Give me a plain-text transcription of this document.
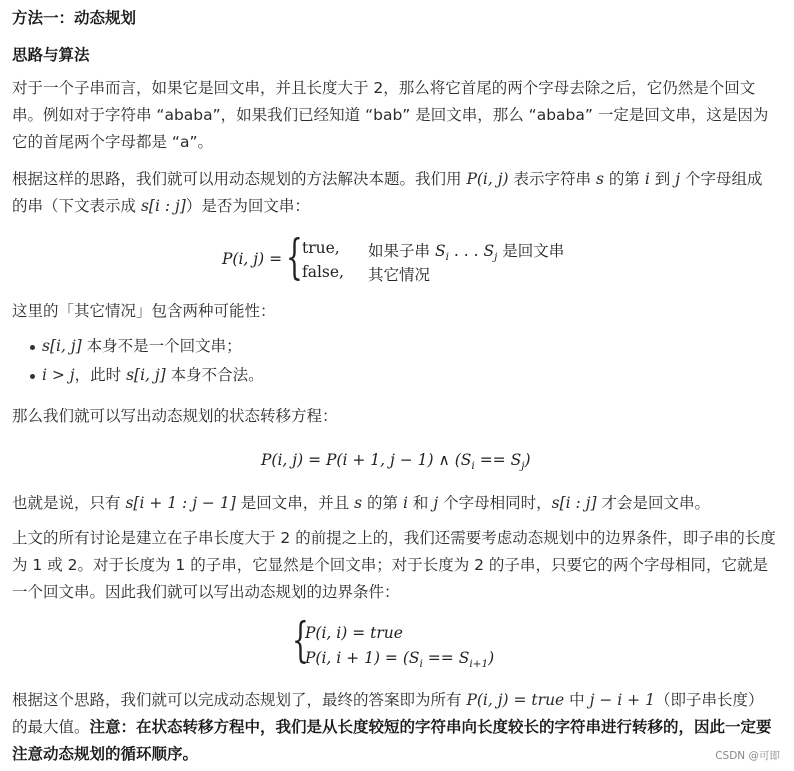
方法一：动态规划
思路与算法
对于一个子串而言，如果它是回文串，并且长度大于 2，那么将它首尾的两个字母去除之后，它仍然是个回文串。例如对于字符串 “ababa”，如果我们已经知道 “bab” 是回文串，那么 “ababa” 一定是回文串，这是因为它的首尾两个字母都是 “a”。
根据这样的思路，我们就可以用动态规划的方法解决本题。我们用 P(i, j) 表示字符串 s 的第 i 到 j 个字母组成的串（下文表示成 s[i : j]）是否为回文串：
P(i, j) = { true, 如果子串 $S_i$ . . . $S_j$ 是回文串
false, 其它情况
这里的「其它情况」包含两种可能性：
s[i, j] 本身不是一个回文串；
i > j，此时 s[i, j] 本身不合法。
那么我们就可以写出动态规划的状态转移方程：
P(i, j) = P(i + 1, j − 1) ∧ $(S_i == S_j)$
也就是说，只有 s[i + 1 : j − 1] 是回文串，并且 s 的第 i 和 j 个字母相同时，s[i : j] 才会是回文串。
上文的所有讨论是建立在子串长度大于 2 的前提之上的，我们还需要考虑动态规划中的边界条件，即子串的长度为 1 或 2。对于长度为 1 的子串，它显然是个回文串；对于长度为 2 的子串，只要它的两个字母相同，它就是一个回文串。因此我们就可以写出动态规划的边界条件：
{
P(i, i) = true
P(i, $i + 1) = (S_i == S_{i+1})$
根据这个思路，我们就可以完成动态规划了，最终的答案即为所有 P(i, j) = true 中 j − i + 1（即子串长度）的最大值。注意：在状态转移方程中，我们是从长度较短的字符串向长度较长的字符串进行转移的，因此一定要注意动态规划的循环顺序。	CSDN @可即
